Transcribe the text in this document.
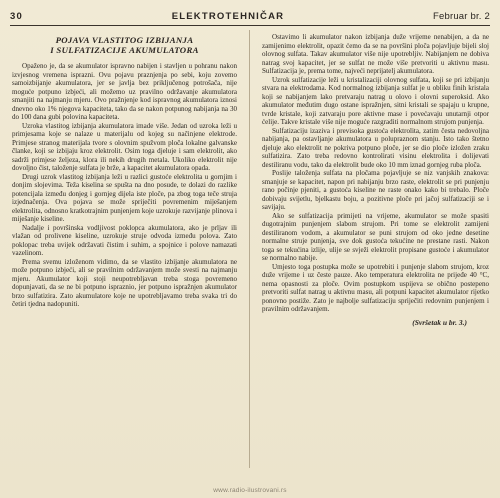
30	ELEKTROTEHNIČAR	Februar br. 2
POJAVA VLASTITOG IZBIJANJA
I SULFATIZACIJE AKUMULATORA

Opaženo je, da se akumulator ispravno nabijen i stavljen u pohranu nakon izvjesnog vremena isprazni. Ovu pojavu praznjenja po sebi, koju zovemo samoizbijanje akumulatora, jer se javlja bez priključenog potrošača, nije moguće potpuno izbjeći, ali možemo uz pravilno održavanje akumulatora smanjiti na najmanju mjeru. Ovo pražnjenje kod ispravnog akumulatora iznosi dnevno oko 1% njegova kapaciteta, tako da se nakon potpunog nabijanja na 30 do 100 dana gubi polovina kapaciteta.

Uzroka vlastitog izbijanja akumulatora imade više. Jedan od uzroka leži u primjesama koje se nalaze u materijalu od kojeg su načinjene elektrode. Primjese stranog materijala tvore s olovnim spužvom ploča lokalne galvanske članke, koji se izbijaju kroz elektrolit. Osim toga djeluje i sam elektrolit, ako sadrži primjese željeza, klora ili nekih drugih metala. Ukoliko elektrolit nije dovoljno čist, taloženje sulfata je brže, a kapacitet akumulatora opada.

Drugi uzrok vlastitog izbijanja leži u razlici gustoće elektrolita u gornjim i donjim slojevima. Teža kiselina se spušta na dno posude, te dolazi do razlike potencijala između donjeg i gornjeg dijela iste ploče, pa zbog toga teče struja izjednačenja. Ova pojava se može spriječiti povremenim miješanjem elektrolita, odnosno kratkotrajnim punjenjem koje uzrokuje razvijanje plinova i miješanje kiseline.

Nadalje i površinska vodljivost poklopca akumulatora, ako je prljav ili vlažan od prolivene kiseline, uzrokuje struje odvoda između polova. Zato poklopac treba uvijek održavati čistim i suhim, a spojnice i polove namazati vazelinom.

Prema svemu izloženom vidimo, da se vlastito izbijanje akumulatora ne može potpuno izbjeći, ali se pravilnim održavanjem može svesti na najmanju mjeru. Akumulator koji stoji neupotrebljavan treba stoga povremeno dopunjavati, da se ne bi potpuno ispraznio, jer potpuno ispražnjen akumulator brzo sulfatizira. Zato akumulatore koje ne upotrebljavamo treba svaka tri do četiri tjedna nadopuniti.

Ostavimo li akumulator nakon izbijanja duže vrijeme nenabijen, a da ne zamijenimo elektrolit, opazit ćemo da se na površini ploča pojavljuje bijeli sloj olovnog sulfata. Takav akumulator više nije upotrebljiv. Nabijanjem ne dobiva natrag svoj kapacitet, jer se sulfat ne može više pretvoriti u aktivnu masu. Sulfatizacija je, prema tome, najveći neprijatelj akumulatora.

Uzrok sulfatizacije leži u kristalizaciji olovnog sulfata, koji se pri izbijanju stvara na elektrodama. Kod normalnog izbijanja sulfat je u obliku finih kristala koji se nabijanjem lako pretvaraju natrag u olovo i olovni superoksid. Ako akumulator međutim dugo ostane ispražnjen, sitni kristali se spajaju u krupne, tvrde kristale, koji zatvaraju pore aktivne mase i povećavaju unutarnji otpor ćelije. Takve kristale više nije moguće razgraditi normalnom strujom punjenja.

Sulfatizaciju izaziva i previsoka gustoća elektrolita, zatim česta nedovoljna nabijanja, pa ostavljanje akumulatora u polupraznom stanju. Isto tako štetno djeluje ako elektrolit ne pokriva potpuno ploče, jer se dio ploče izložen zraku sulfatizira. Zato treba redovno kontrolirati visinu elektrolita i dolijevati destiliranu vodu, tako da elektrolit bude oko 10 mm iznad gornjeg ruba ploča.

Poslije taloženja sulfata na pločama pojavljuje se niz vanjskih znakova: smanjuje se kapacitet, napon pri nabijanju brzo raste, elektrolit se pri punjenju rano počinje pjeniti, a gustoća kiseline ne raste onako kako bi trebalo. Ploče dobivaju svijetlu, bjelkastu boju, a pozitivne ploče pri jačoj sulfatizaciji se i savijaju.

Ako se sulfatizacija primijeti na vrijeme, akumulator se može spasiti dugotrajnim punjenjem slabom strujom. Pri tome se elektrolit zamijeni destiliranom vodom, a akumulator se puni strujom od oko jedne desetine normalne struje punjenja, sve dok gustoća tekućine ne prestane rasti. Nakon toga se tekućina izlije, ulije se svježi elektrolit propisane gustoće i akumulator se normalno nabije.

Umjesto toga postupka može se upotrebiti i punjenje slabom strujom, kroz duže vrijeme i uz česte pauze. Ako temperatura elektrolita ne prijeđe 40 °C, nema opasnosti za ploče. Ovim postupkom uspijeva se obično postepeno pretvoriti sulfat natrag u aktivnu masu, ali potpuni kapacitet akumulator rijetko ponovno postiže. Zato je najbolje sulfatizaciju spriječiti redovnim punjenjem i pravilnim održavanjem.

(Svršetak u br. 3.)
www.radio-ilustrovani.rs
